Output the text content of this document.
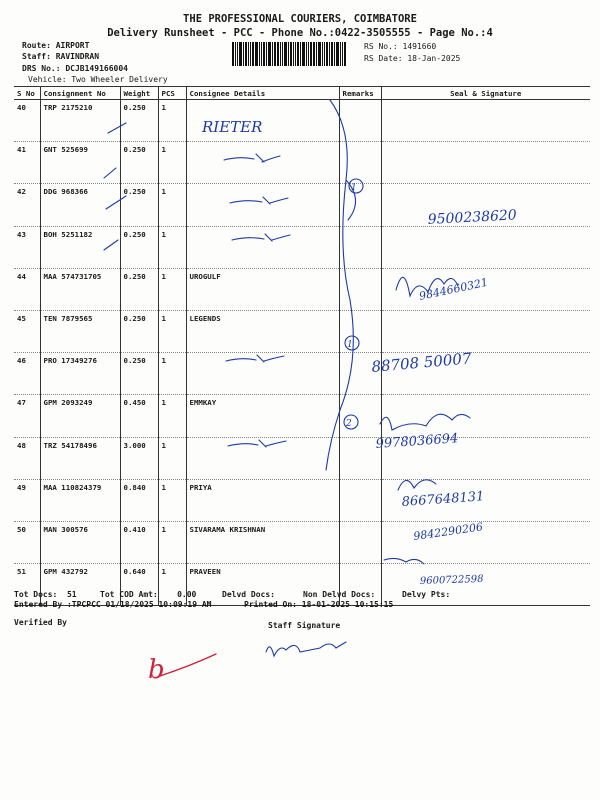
THE PROFESSIONAL COURIERS, COIMBATORE
Delivery Runsheet - PCC - Phone No.:0422-3505555 - Page No.:4
Route: AIRPORT
Staff: RAVINDRAN
DRS No.: DCJB149166004
Vehicle: Two Wheeler Delivery
RS No.: 1491660
RS Date: 18-Jan-2025
S No	Consignment No	Weight	PCS	Consignee Details	Remarks	Seal & Signature
40	TRP 2175210	0.250	1			
41	GNT 525699	0.250	1			
42	DDG 968366	0.250	1			
43	BOH 5251182	0.250	1			
44	MAA 574731705	0.250	1	UROGULF		
45	TEN 7879565	0.250	1	LEGENDS		
46	PRO 17349276	0.250	1			
47	GPM 2093249	0.450	1	EMMKAY		
48	TRZ 54178496	3.000	1			
49	MAA 110824379	0.840	1	PRIYA		
50	MAN 300576	0.410	1	SIVARAMA KRISHNAN		
51	GPM 432792	0.640	1	PRAVEEN		
Tot Docs:  51	Tot COD Amt:    0.00	Delvd Docs:	Non Delvd Docs:	Delvy Pts:
Entered By :TPCPCC 01/18/2025 10:09:19 AM	Printed On: 18-01-2025 10:15:15
Verified By	Staff Signature
RIETER
1
1
2
9500238620
9844660321
88708 50007
9978036694
8667648131
9842290206
9600722598
b
